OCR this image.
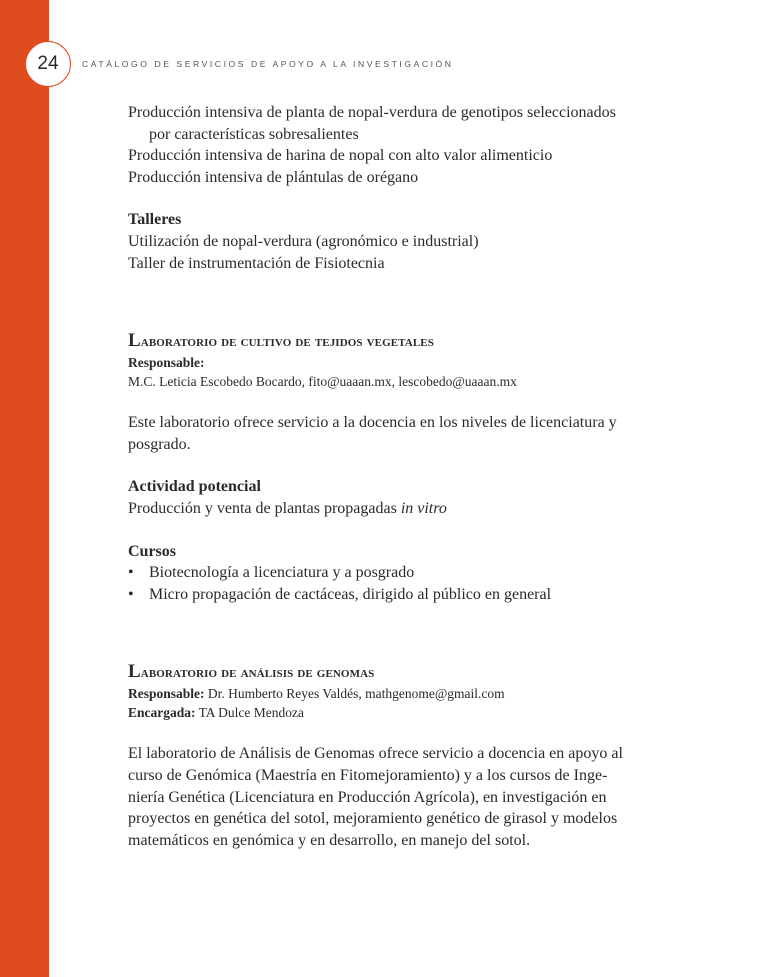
24	CATÁLOGO DE SERVICIOS DE APOYO A LA INVESTIGACIÓN
Producción intensiva de planta de nopal-verdura de genotipos seleccionados
por características sobresalientes
Producción intensiva de harina de nopal con alto valor alimenticio
Producción intensiva de plántulas de orégano
Talleres
Utilización de nopal-verdura (agronómico e industrial)
Taller de instrumentación de Fisiotecnia
Laboratorio de cultivo de tejidos vegetales
Responsable:
M.C. Leticia Escobedo Bocardo, fito@uaaan.mx, lescobedo@uaaan.mx
Este laboratorio ofrece servicio a la docencia en los niveles de licenciatura y
posgrado.
Actividad potencial
Producción y venta de plantas propagadas in vitro
Cursos
• Biotecnología a licenciatura y a posgrado
• Micro propagación de cactáceas, dirigido al público en general
Laboratorio de análisis de genomas
Responsable: Dr. Humberto Reyes Valdés, mathgenome@gmail.com
Encargada: TA Dulce Mendoza
El laboratorio de Análisis de Genomas ofrece servicio a docencia en apoyo al
curso de Genómica (Maestría en Fitomejoramiento) y a los cursos de Inge-
niería Genética (Licenciatura en Producción Agrícola), en investigación en
proyectos en genética del sotol, mejoramiento genético de girasol y modelos
matemáticos en genómica y en desarrollo, en manejo del sotol.
